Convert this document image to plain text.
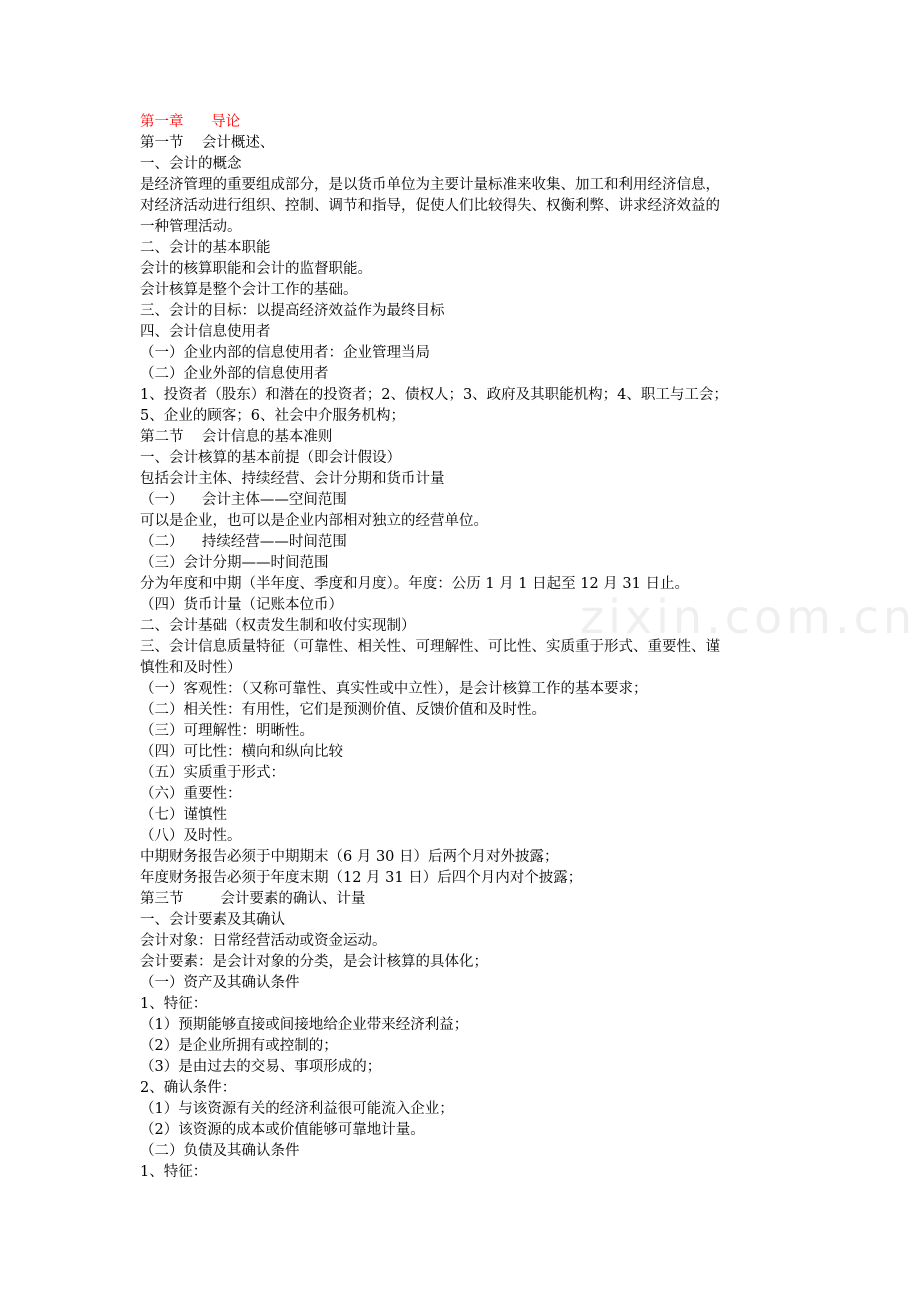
第一章      导论
第一节    会计概述、
一、会计的概念
是经济管理的重要组成部分，是以货币单位为主要计量标准来收集、加工和利用经济信息，
对经济活动进行组织、控制、调节和指导，促使人们比较得失、权衡利弊、讲求经济效益的
一种管理活动。
二、会计的基本职能
会计的核算职能和会计的监督职能。
会计核算是整个会计工作的基础。
三、会计的目标：以提高经济效益作为最终目标
四、会计信息使用者
（一）企业内部的信息使用者：企业管理当局
（二）企业外部的信息使用者
1、投资者（股东）和潜在的投资者；2、债权人；3、政府及其职能机构；4、职工与工会；
5、企业的顾客；6、社会中介服务机构；
第二节    会计信息的基本准则
一、会计核算的基本前提（即会计假设）
包括会计主体、持续经营、会计分期和货币计量
（一）    会计主体——空间范围
可以是企业，也可以是企业内部相对独立的经营单位。
（二）    持续经营——时间范围
（三）会计分期——时间范围
分为年度和中期（半年度、季度和月度）。年度：公历 1 月 1 日起至 12 月 31 日止。
（四）货币计量（记账本位币）
二、会计基础（权责发生制和收付实现制）
三、会计信息质量特征（可靠性、相关性、可理解性、可比性、实质重于形式、重要性、谨
慎性和及时性）
（一）客观性：（又称可靠性、真实性或中立性），是会计核算工作的基本要求；
（二）相关性：有用性，它们是预测价值、反馈价值和及时性。
（三）可理解性：明晰性。
（四）可比性：横向和纵向比较
（五）实质重于形式：
（六）重要性：
（七）谨慎性
（八）及时性。
中期财务报告必须于中期期末（6 月 30 日）后两个月对外披露；
年度财务报告必须于年度末期（12 月 31 日）后四个月内对个披露；
第三节        会计要素的确认、计量
一、会计要素及其确认
会计对象：日常经营活动或资金运动。
会计要素：是会计对象的分类，是会计核算的具体化；
（一）资产及其确认条件
1、特征：
（1）预期能够直接或间接地给企业带来经济利益；
（2）是企业所拥有或控制的；
（3）是由过去的交易、事项形成的；
2、确认条件：
（1）与该资源有关的经济利益很可能流入企业；
（2）该资源的成本或价值能够可靠地计量。
（二）负债及其确认条件
1、特征：
zixin.com.cn
